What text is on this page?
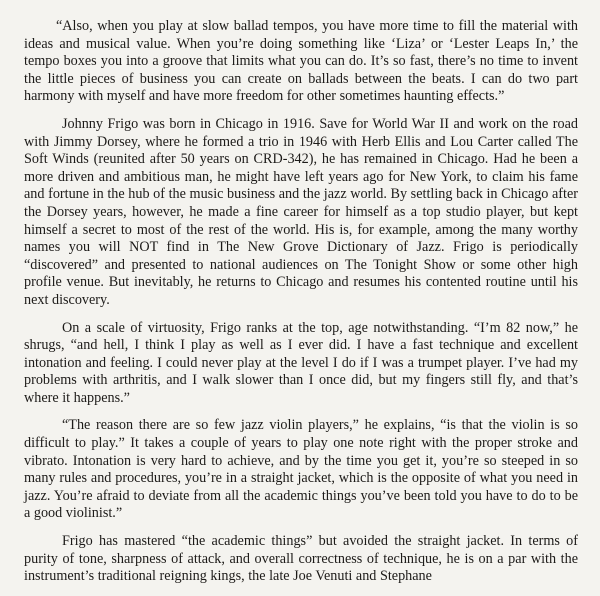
“Also, when you play at slow ballad tempos, you have more time to fill the material with ideas and musical value. When you’re doing something like ‘Liza’ or ‘Lester Leaps In,’ the tempo boxes you into a groove that limits what you can do. It’s so fast, there’s no time to invent the little pieces of business you can create on ballads between the beats. I can do two part harmony with myself and have more freedom for other sometimes haunting effects.”

Johnny Frigo was born in Chicago in 1916. Save for World War II and work on the road with Jimmy Dorsey, where he formed a trio in 1946 with Herb Ellis and Lou Carter called The Soft Winds (reunited after 50 years on CRD-342), he has remained in Chicago. Had he been a more driven and ambitious man, he might have left years ago for New York, to claim his fame and fortune in the hub of the music business and the jazz world. By settling back in Chicago after the Dorsey years, however, he made a fine career for himself as a top studio player, but kept himself a secret to most of the rest of the world. His is, for example, among the many worthy names you will NOT find in The New Grove Dictionary of Jazz. Frigo is periodically “discovered” and presented to national audiences on The Tonight Show or some other high profile venue. But inevitably, he returns to Chicago and resumes his contented routine until his next discovery.

On a scale of virtuosity, Frigo ranks at the top, age notwithstanding. “I’m 82 now,” he shrugs, “and hell, I think I play as well as I ever did. I have a fast technique and excellent intonation and feeling. I could never play at the level I do if I was a trumpet player. I’ve had my problems with arthritis, and I walk slower than I once did, but my fingers still fly, and that’s where it happens.”

“The reason there are so few jazz violin players,” he explains, “is that the violin is so difficult to play.” It takes a couple of years to play one note right with the proper stroke and vibrato. Intonation is very hard to achieve, and by the time you get it, you’re so steeped in so many rules and procedures, you’re in a straight jacket, which is the opposite of what you need in jazz. You’re afraid to deviate from all the academic things you’ve been told you have to do to be a good violinist.”

Frigo has mastered “the academic things” but avoided the straight jacket. In terms of purity of tone, sharpness of attack, and overall correctness of technique, he is on a par with the instrument’s traditional reigning kings, the late Joe Venuti and Stephane
